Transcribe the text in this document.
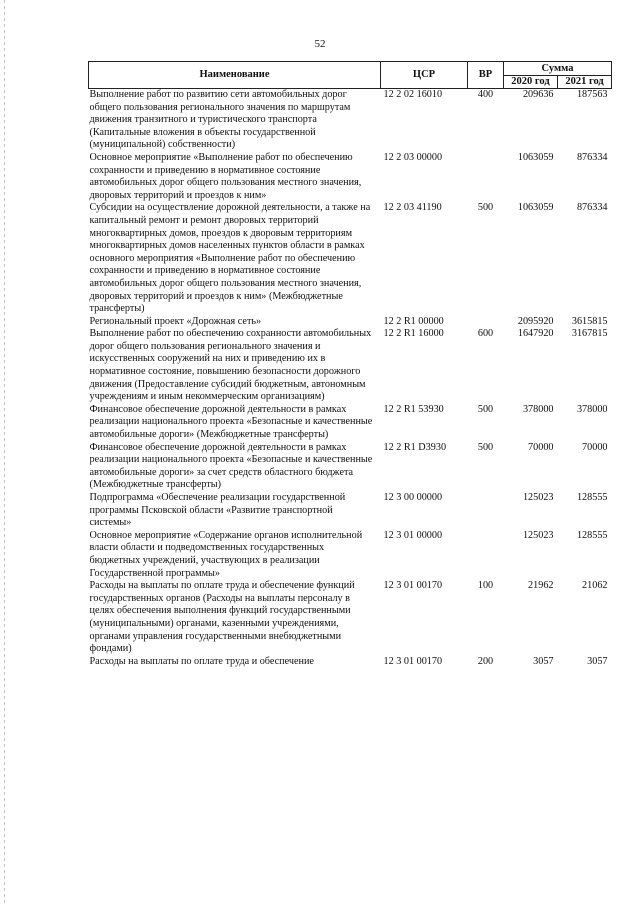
52
Наименование	ЦСР	ВР	Сумма	
			2020 год	2021 год
Выполнение работ по развитию сети автомобильных дорог общего пользования регионального значения по маршрутам движения транзитного и туристического транспорта (Капитальные вложения в объекты государственной (муниципальной) собственности)	12 2 02 16010	400	209636	187563
Основное мероприятие «Выполнение работ по обеспечению сохранности и приведению в нормативное состояние автомобильных дорог общего пользования местного значения, дворовых территорий и проездов к ним»	12 2 03 00000		1063059	876334
Субсидии на осуществление дорожной деятельности, а также на капитальный ремонт и ремонт дворовых территорий многоквартирных домов, проездов к дворовым территориям многоквартирных домов населенных пунктов области в рамках основного мероприятия «Выполнение работ по обеспечению сохранности и приведению в нормативное состояние автомобильных дорог общего пользования местного значения, дворовых территорий и проездов к ним» (Межбюджетные трансферты)	12 2 03 41190	500	1063059	876334
Региональный проект «Дорожная сеть»	12 2 R1 00000		2095920	3615815
Выполнение работ по обеспечению сохранности автомобильных дорог общего пользования регионального значения и искусственных сооружений на них и приведению их в нормативное состояние, повышению безопасности дорожного движения (Предоставление субсидий бюджетным, автономным учреждениям и иным некоммерческим организациям)	12 2 R1 16000	600	1647920	3167815
Финансовое обеспечение дорожной деятельности в рамках реализации национального проекта «Безопасные и качественные автомобильные дороги» (Межбюджетные трансферты)	12 2 R1 53930	500	378000	378000
Финансовое обеспечение дорожной деятельности в рамках реализации национального проекта «Безопасные и качественные автомобильные дороги» за счет средств областного бюджета (Межбюджетные трансферты)	12 2 R1 D3930	500	70000	70000
Подпрограмма «Обеспечение реализации государственной программы Псковской области «Развитие транспортной системы»	12 3 00 00000		125023	128555
Основное мероприятие «Содержание органов исполнительной власти области и подведомственных государственных бюджетных учреждений, участвующих в реализации Государственной программы»	12 3 01 00000		125023	128555
Расходы на выплаты по оплате труда и обеспечение функций государственных органов (Расходы на выплаты персоналу в целях обеспечения выполнения функций государственными (муниципальными) органами, казенными учреждениями, органами управления государственными внебюджетными фондами)	12 3 01 00170	100	21962	21062
Расходы на выплаты по оплате труда и обеспечение	12 3 01 00170	200	3057	3057
